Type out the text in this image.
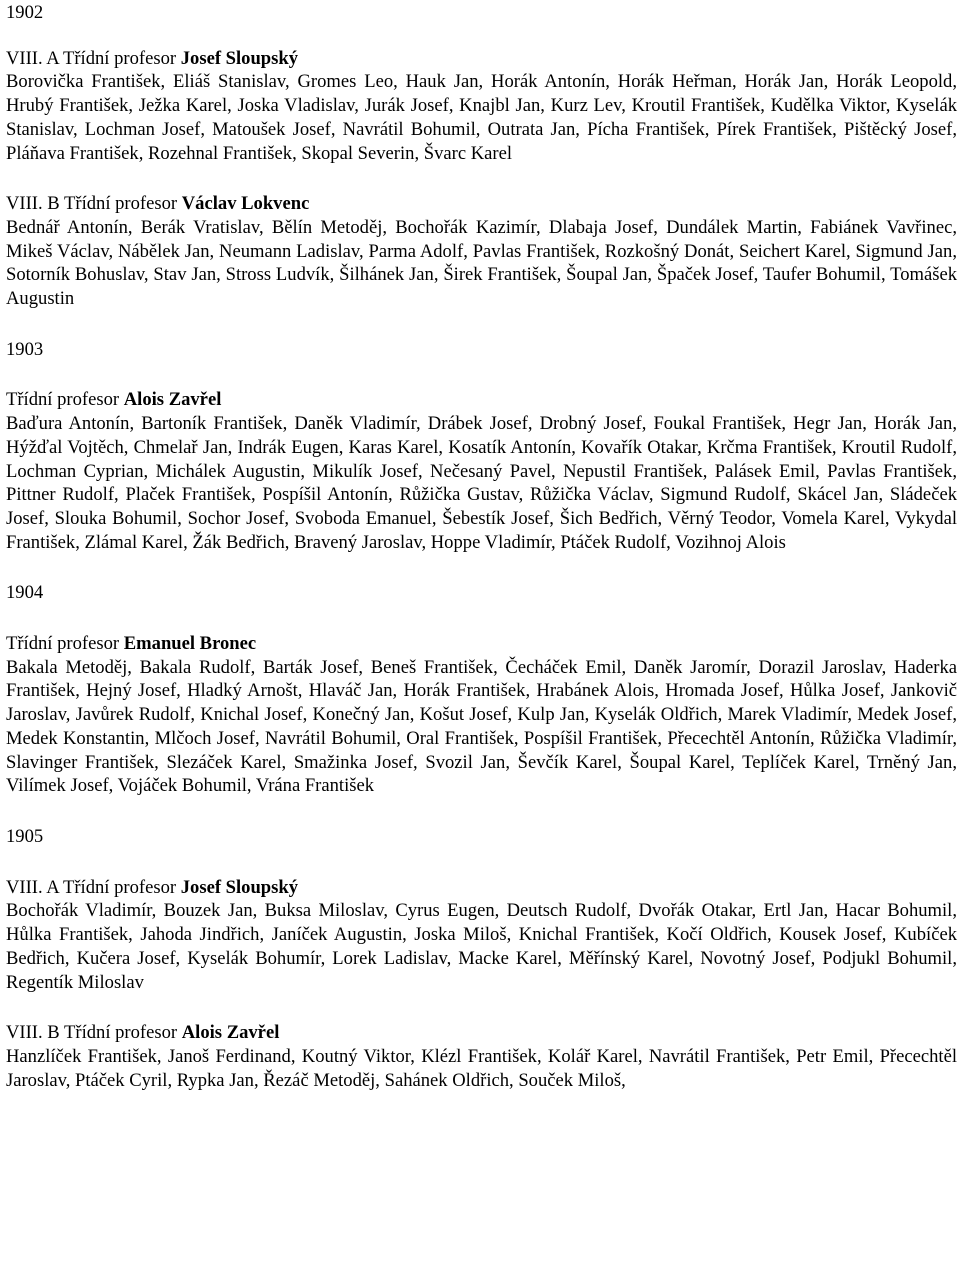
1902

VIII. A Třídní profesor Josef Sloupský

Borovička František, Eliáš Stanislav, Gromes Leo, Hauk Jan, Horák Antonín, Horák Heřman, Horák Jan, Horák Leopold, Hrubý František, Ježka Karel, Joska Vladislav, Jurák Josef, Knajbl Jan, Kurz Lev, Kroutil František, Kudělka Viktor, Kyselák Stanislav, Lochman Josef, Matoušek Josef, Navrátil Bohumil, Outrata Jan, Pícha František, Pírek František, Pištěcký Josef, Pláňava František, Rozehnal František, Skopal Severin, Švarc Karel

VIII. B Třídní profesor Václav Lokvenc

Bednář Antonín, Berák Vratislav, Bělín Metoděj, Bochořák Kazimír, Dlabaja Josef, Dundálek Martin, Fabiánek Vavřinec, Mikeš Václav, Nábělek Jan, Neumann Ladislav, Parma Adolf, Pavlas František, Rozkošný Donát, Seichert Karel, Sigmund Jan, Sotorník Bohuslav, Stav Jan, Stross Ludvík, Šilhánek Jan, Širek František, Šoupal Jan, Špaček Josef, Taufer Bohumil, Tomášek Augustin

1903

Třídní profesor Alois Zavřel

Baďura Antonín, Bartoník František, Daněk Vladimír, Drábek Josef, Drobný Josef, Foukal František, Hegr Jan, Horák Jan, Hýžďal Vojtěch, Chmelař Jan, Indrák Eugen, Karas Karel, Kosatík Antonín, Kovařík Otakar, Krčma František, Kroutil Rudolf, Lochman Cyprian, Michálek Augustin, Mikulík Josef, Nečesaný Pavel, Nepustil František, Palásek Emil, Pavlas František, Pittner Rudolf, Plaček František, Pospíšil Antonín, Růžička Gustav, Růžička Václav, Sigmund Rudolf, Skácel Jan, Sládeček Josef, Slouka Bohumil, Sochor Josef, Svoboda Emanuel, Šebestík Josef, Šich Bedřich, Věrný Teodor, Vomela Karel, Vykydal František, Zlámal Karel, Žák Bedřich, Bravený Jaroslav, Hoppe Vladimír, Ptáček Rudolf, Vozihnoj Alois

1904

Třídní profesor Emanuel Bronec

Bakala Metoděj, Bakala Rudolf, Barták Josef, Beneš František, Čecháček Emil, Daněk Jaromír, Dorazil Jaroslav, Haderka František, Hejný Josef, Hladký Arnošt, Hlaváč Jan, Horák František, Hrabánek Alois, Hromada Josef, Hůlka Josef, Jankovič Jaroslav, Javůrek Rudolf, Knichal Josef, Konečný Jan, Košut Josef, Kulp Jan, Kyselák Oldřich, Marek Vladimír, Medek Josef, Medek Konstantin, Mlčoch Josef, Navrátil Bohumil, Oral František, Pospíšil František, Přecechtěl Antonín, Růžička Vladimír, Slavinger František, Slezáček Karel, Smažinka Josef, Svozil Jan, Ševčík Karel, Šoupal Karel, Teplíček Karel, Trněný Jan, Vilímek Josef, Vojáček Bohumil, Vrána František

1905

VIII. A Třídní profesor Josef Sloupský

Bochořák Vladimír, Bouzek Jan, Buksa Miloslav, Cyrus Eugen, Deutsch Rudolf, Dvořák Otakar, Ertl Jan, Hacar Bohumil, Hůlka František, Jahoda Jindřich, Janíček Augustin, Joska Miloš, Knichal František, Kočí Oldřich, Kousek Josef, Kubíček Bedřich, Kučera Josef, Kyselák Bohumír, Lorek Ladislav, Macke Karel, Měřínský Karel, Novotný Josef, Podjukl Bohumil, Regentík Miloslav

VIII. B Třídní profesor Alois Zavřel

Hanzlíček František, Janoš Ferdinand, Koutný Viktor, Klézl František, Kolář Karel, Navrátil František, Petr Emil, Přecechtěl Jaroslav, Ptáček Cyril, Rypka Jan, Řezáč Metoděj, Sahánek Oldřich, Souček Miloš,
